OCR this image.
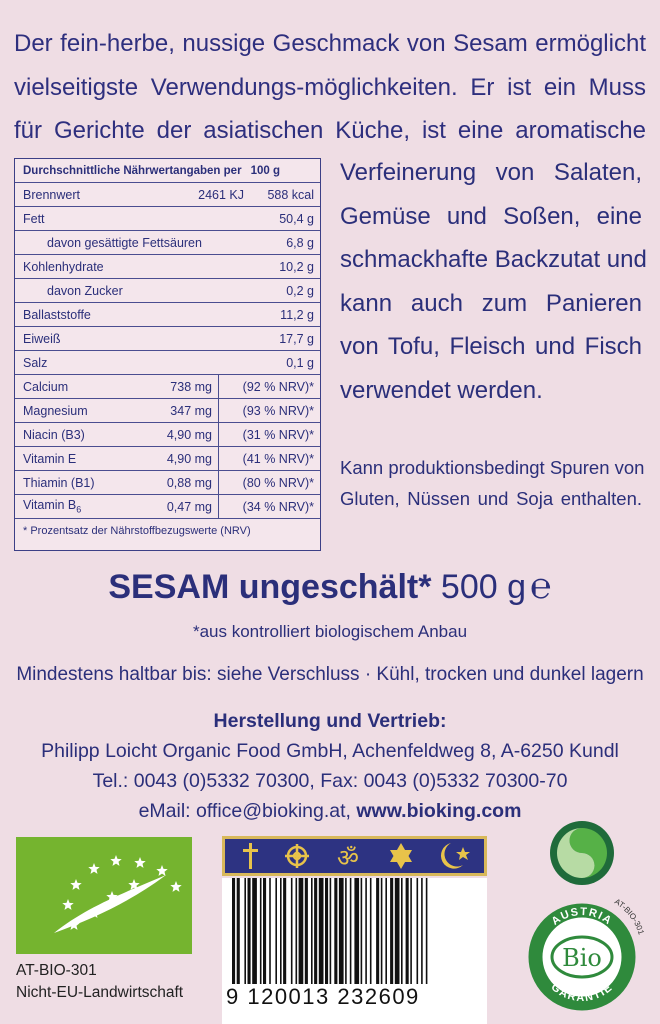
Der fein-herbe, nussige Geschmack von Sesam ermöglicht
vielseitigste Verwendungs-möglichkeiten. Er ist ein Muss
für Gerichte der asiatischen Küche, ist eine aromatische
Verfeinerung von Salaten,
Gemüse und Soßen, eine
schmackhafte Backzutat und
kann auch zum Panieren
von Tofu, Fleisch und Fisch
verwendet werden.
Kann produktionsbedingt Spuren von
Gluten, Nüssen und Soja enthalten.
Durchschnittliche Nährwertangaben per 100 g
Brennwert	2461 KJ 588 kcal
Fett	50,4 g
davon gesättigte Fettsäuren	6,8 g
Kohlenhydrate	10,2 g
davon Zucker	0,2 g
Ballaststoffe	11,2 g
Eiweiß	17,7 g
Salz	0,1 g
Calcium	738 mg (92 % NRV)*
Magnesium	347 mg (93 % NRV)*
Niacin (B3)	4,90 mg (31 % NRV)*
Vitamin E	4,90 mg (41 % NRV)*
Thiamin (B1)	0,88 mg (80 % NRV)*
Vitamin $B_6$	0,47 mg (34 % NRV)*
* Prozentsatz der Nährstoffbezugswerte (NRV)
SESAM ungeschält* 500 g ℮
*aus kontrolliert biologischem Anbau
Mindestens haltbar bis: siehe Verschluss · Kühl, trocken und dunkel lagern
Herstellung und Vertrieb:
Philipp Loicht Organic Food GmbH, Achenfeldweg 8, A-6250 Kundl
Tel.: 0043 (0)5332 70300, Fax: 0043 (0)5332 70300-70
eMail: office@bioking.at, www.bioking.com
AT-BIO-301
Nicht-EU-Landwirtschaft
ॐ
9 120013 232609
AUSTRIA
GARANTIE
Bio
AT-BIO-301
